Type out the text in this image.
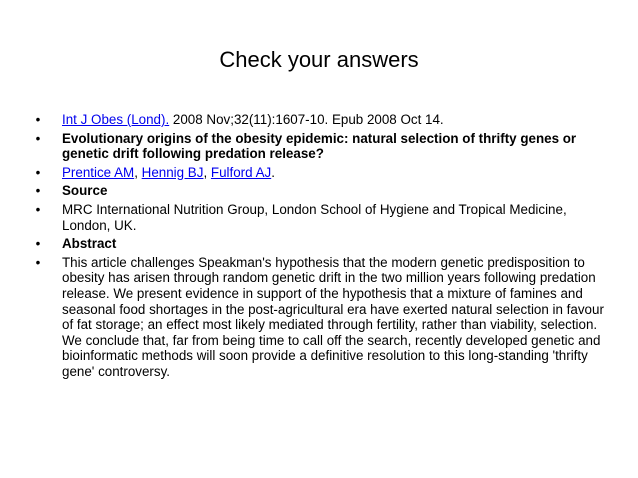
Check your answers
• Int J Obes (Lond). 2008 Nov;32(11):1607-10. Epub 2008 Oct 14.
• Evolutionary origins of the obesity epidemic: natural selection of thrifty genes or genetic drift following predation release?
• Prentice AM, Hennig BJ, Fulford AJ.
• Source
• MRC International Nutrition Group, London School of Hygiene and Tropical Medicine, London, UK.
• Abstract
• This article challenges Speakman's hypothesis that the modern genetic predisposition to obesity has arisen through random genetic drift in the two million years following predation release. We present evidence in support of the hypothesis that a mixture of famines and seasonal food shortages in the post-agricultural era have exerted natural selection in favour of fat storage; an effect most likely mediated through fertility, rather than viability, selection. We conclude that, far from being time to call off the search, recently developed genetic and bioinformatic methods will soon provide a definitive resolution to this long-standing 'thrifty gene' controversy.
